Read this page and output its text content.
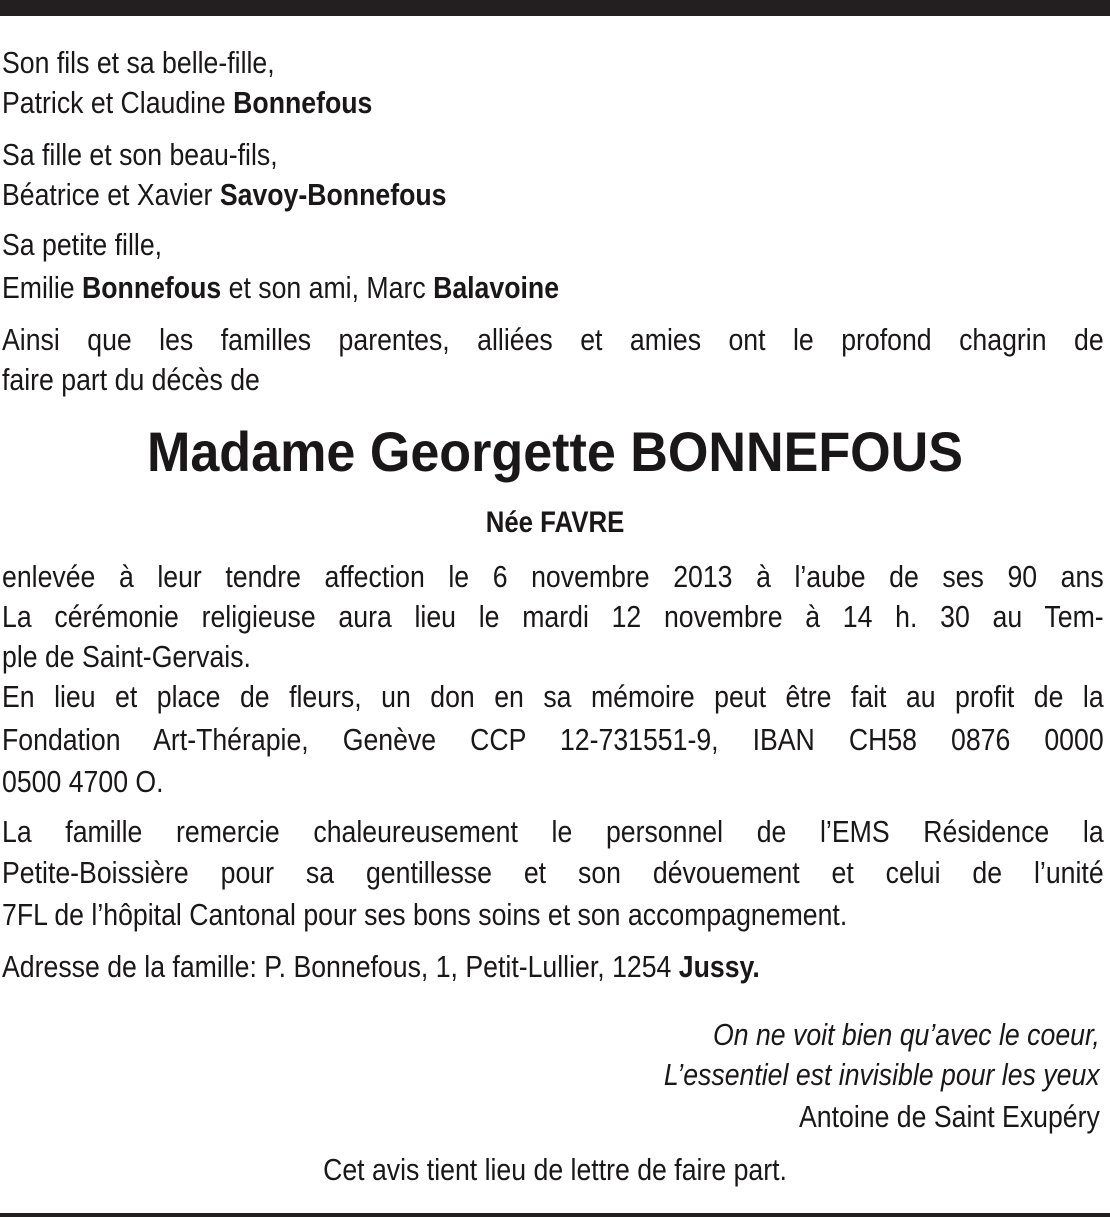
Son fils et sa belle-fille,
Patrick et Claudine Bonnefous
Sa fille et son beau-fils,
Béatrice et Xavier Savoy-Bonnefous
Sa petite fille,
Emilie Bonnefous et son ami, Marc Balavoine
Ainsi que les familles parentes, alliées et amies ont le profond chagrin de
faire part du décès de
Madame Georgette BONNEFOUS
Née FAVRE
enlevée à leur tendre affection le 6 novembre 2013 à l’aube de ses 90 ans
La cérémonie religieuse aura lieu le mardi 12 novembre à 14 h. 30 au Tem-
ple de Saint-Gervais.
En lieu et place de fleurs, un don en sa mémoire peut être fait au profit de la
Fondation Art-Thérapie, Genève CCP 12-731551-9, IBAN CH58 0876 0000
0500 4700 O.
La famille remercie chaleureusement le personnel de l’EMS Résidence la
Petite-Boissière pour sa gentillesse et son dévouement et celui de l’unité
7FL de l’hôpital Cantonal pour ses bons soins et son accompagnement.
Adresse de la famille: P. Bonnefous, 1, Petit-Lullier, 1254 Jussy.
On ne voit bien qu’avec le coeur,
L’essentiel est invisible pour les yeux
Antoine de Saint Exupéry
Cet avis tient lieu de lettre de faire part.
